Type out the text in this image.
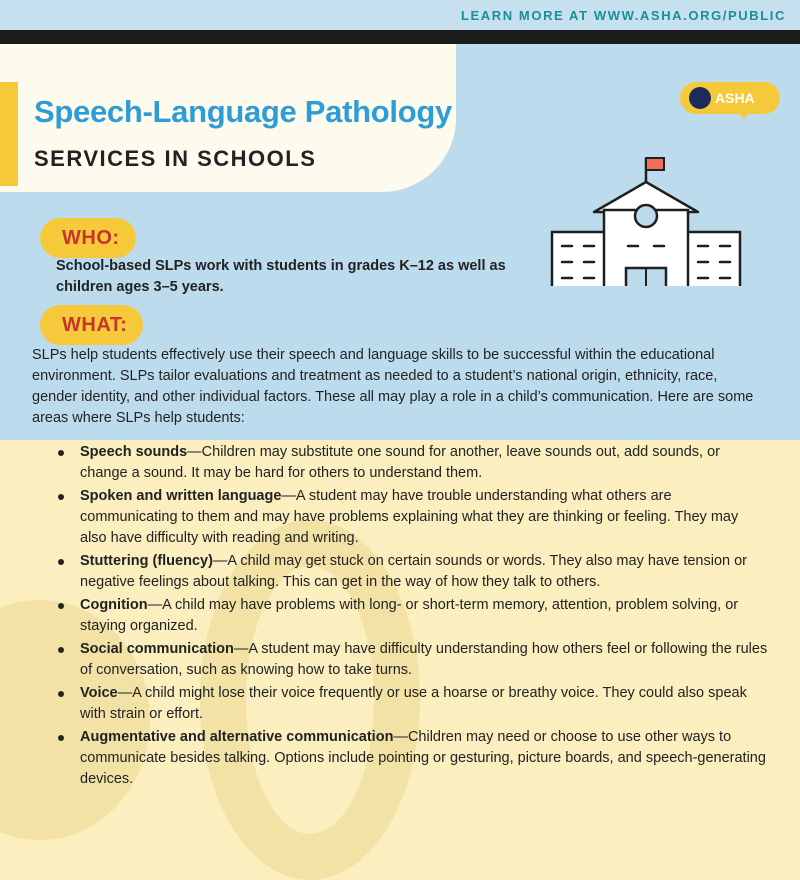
LEARN MORE AT WWW.ASHA.ORG/PUBLIC
Speech-Language Pathology
SERVICES IN SCHOOLS
ASHA
WHO:

School-based SLPs work with students in grades K–12 as well as children ages 3–5 years.

WHAT:

SLPs help students effectively use their speech and language skills to be successful within the educational environment. SLPs tailor evaluations and treatment as needed to a student’s national origin, ethnicity, race, gender identity, and other individual factors. These all may play a role in a child’s communication. Here are some areas where SLPs help students:

Speech sounds—Children may substitute one sound for another, leave sounds out, add sounds, or change a sound. It may be hard for others to understand them.
Spoken and written language—A student may have trouble understanding what others are communicating to them and may have problems explaining what they are thinking or feeling. They may also have difficulty with reading and writing.
Stuttering (fluency)—A child may get stuck on certain sounds or words. They also may have tension or negative feelings about talking. This can get in the way of how they talk to others.
Cognition—A child may have problems with long- or short-term memory, attention, problem solving, or staying organized.
Social communication—A student may have difficulty understanding how others feel or following the rules of conversation, such as knowing how to take turns.
Voice—A child might lose their voice frequently or use a hoarse or breathy voice. They could also speak with strain or effort.
Augmentative and alternative communication—Children may need or choose to use other ways to communicate besides talking. Options include pointing or gesturing, picture boards, and speech-generating devices.
